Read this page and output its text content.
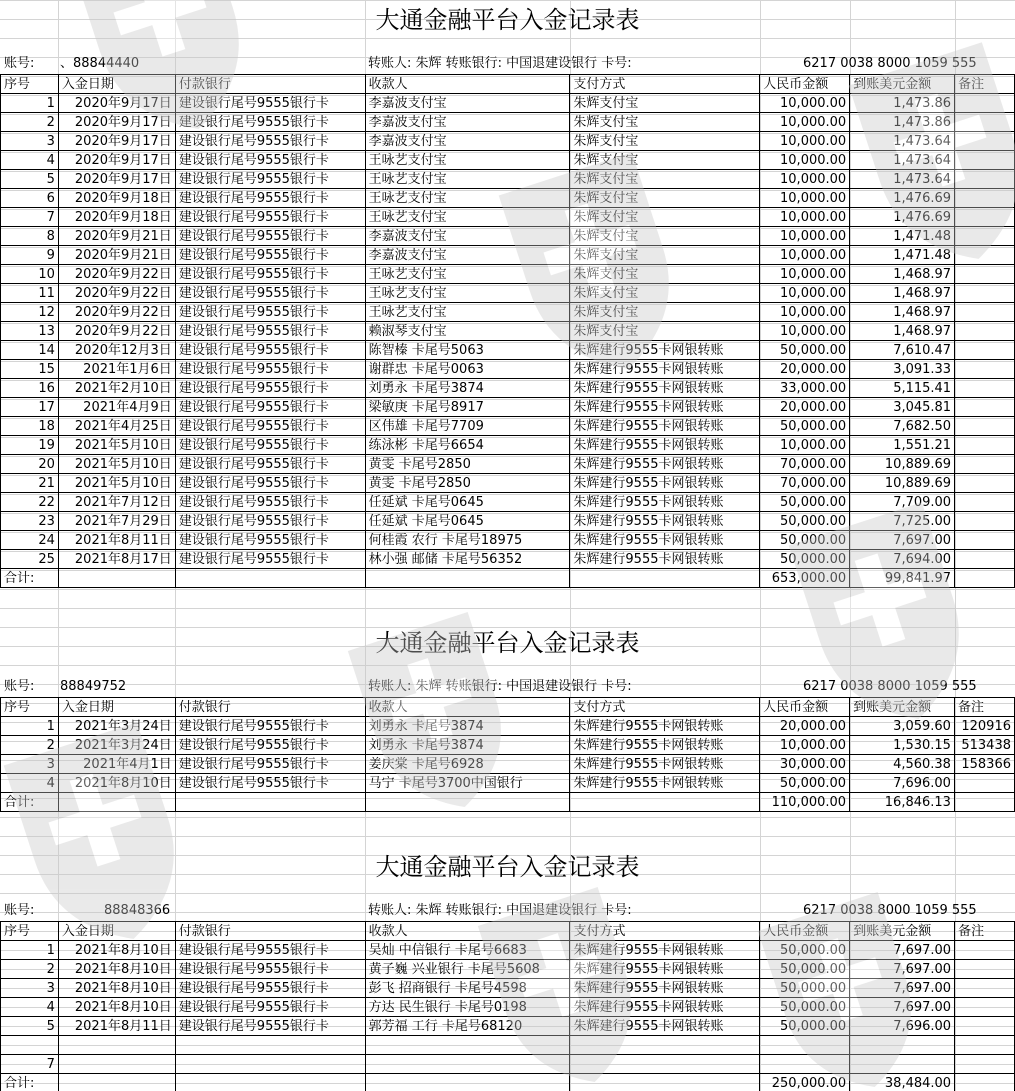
大通金融平台入金记录表
账号: 、88844440	转账人: 朱辉 转账银行: 中国退建设银行 卡号:	6217 0038 8000 1059 555
序号	入金日期	付款银行	收款人	支付方式	人民币金额	到账美元金额	备注
1	2020年9月17日	建设银行尾号9555银行卡	李嘉波支付宝	朱辉支付宝	10,000.00	1,473.86	
2	2020年9月17日	建设银行尾号9555银行卡	李嘉波支付宝	朱辉支付宝	10,000.00	1,473.86	
3	2020年9月17日	建设银行尾号9555银行卡	李嘉波支付宝	朱辉支付宝	10,000.00	1,473.64	
4	2020年9月17日	建设银行尾号9555银行卡	王咏艺支付宝	朱辉支付宝	10,000.00	1,473.64	
5	2020年9月17日	建设银行尾号9555银行卡	王咏艺支付宝	朱辉支付宝	10,000.00	1,473.64	
6	2020年9月18日	建设银行尾号9555银行卡	王咏艺支付宝	朱辉支付宝	10,000.00	1,476.69	
7	2020年9月18日	建设银行尾号9555银行卡	王咏艺支付宝	朱辉支付宝	10,000.00	1,476.69	
8	2020年9月21日	建设银行尾号9555银行卡	李嘉波支付宝	朱辉支付宝	10,000.00	1,471.48	
9	2020年9月21日	建设银行尾号9555银行卡	李嘉波支付宝	朱辉支付宝	10,000.00	1,471.48	
10	2020年9月22日	建设银行尾号9555银行卡	王咏艺支付宝	朱辉支付宝	10,000.00	1,468.97	
11	2020年9月22日	建设银行尾号9555银行卡	王咏艺支付宝	朱辉支付宝	10,000.00	1,468.97	
12	2020年9月22日	建设银行尾号9555银行卡	王咏艺支付宝	朱辉支付宝	10,000.00	1,468.97	
13	2020年9月22日	建设银行尾号9555银行卡	赖淑琴支付宝	朱辉支付宝	10,000.00	1,468.97	
14	2020年12月3日	建设银行尾号9555银行卡	陈智榛 卡尾号5063	朱辉建行9555卡网银转账	50,000.00	7,610.47	
15	2021年1月6日	建设银行尾号9555银行卡	谢群忠 卡尾号0063	朱辉建行9555卡网银转账	20,000.00	3,091.33	
16	2021年2月10日	建设银行尾号9555银行卡	刘勇永 卡尾号3874	朱辉建行9555卡网银转账	33,000.00	5,115.41	
17	2021年4月9日	建设银行尾号9555银行卡	梁敏庚 卡尾号8917	朱辉建行9555卡网银转账	20,000.00	3,045.81	
18	2021年4月25日	建设银行尾号9555银行卡	区伟雄 卡尾号7709	朱辉建行9555卡网银转账	50,000.00	7,682.50	
19	2021年5月10日	建设银行尾号9555银行卡	练泳彬 卡尾号6654	朱辉建行9555卡网银转账	10,000.00	1,551.21	
20	2021年5月10日	建设银行尾号9555银行卡	黄雯 卡尾号2850	朱辉建行9555卡网银转账	70,000.00	10,889.69	
21	2021年5月10日	建设银行尾号9555银行卡	黄雯 卡尾号2850	朱辉建行9555卡网银转账	70,000.00	10,889.69	
22	2021年7月12日	建设银行尾号9555银行卡	任延斌 卡尾号0645	朱辉建行9555卡网银转账	50,000.00	7,709.00	
23	2021年7月29日	建设银行尾号9555银行卡	任延斌 卡尾号0645	朱辉建行9555卡网银转账	50,000.00	7,725.00	
24	2021年8月11日	建设银行尾号9555银行卡	何桂霞 农行 卡尾号18975	朱辉建行9555卡网银转账	50,000.00	7,697.00	
25	2021年8月17日	建设银行尾号9555银行卡	林小强 邮储 卡尾号56352	朱辉建行9555卡网银转账	50,000.00	7,694.00	
合计:					653,000.00	99,841.97	
大通金融平台入金记录表
账号: 88849752	转账人: 朱辉 转账银行: 中国退建设银行 卡号:	6217 0038 8000 1059 555
序号	入金日期	付款银行	收款人	支付方式	人民币金额	到账美元金额	备注
1	2021年3月24日	建设银行尾号9555银行卡	刘勇永 卡尾号3874	朱辉建行9555卡网银转账	20,000.00	3,059.60	120916
2	2021年3月24日	建设银行尾号9555银行卡	刘勇永 卡尾号3874	朱辉建行9555卡网银转账	10,000.00	1,530.15	513438
3	2021年4月1日	建设银行尾号9555银行卡	姜庆棠 卡尾号6928	朱辉建行9555卡网银转账	30,000.00	4,560.38	158366
4	2021年8月10日	建设银行尾号9555银行卡	马宁 卡尾号3700中国银行	朱辉建行9555卡网银转账	50,000.00	7,696.00	
合计:					110,000.00	16,846.13	
大通金融平台入金记录表
账号:	88848366	转账人: 朱辉 转账银行: 中国退建设银行 卡号:	6217 0038 8000 1059 555
序号	入金日期	付款银行	收款人	支付方式	人民币金额	到账美元金额	备注
1	2021年8月10日	建设银行尾号9555银行卡	吴灿 中信银行 卡尾号6683	朱辉建行9555卡网银转账	50,000.00	7,697.00	
2	2021年8月10日	建设银行尾号9555银行卡	黄子巍 兴业银行 卡尾号5608	朱辉建行9555卡网银转账	50,000.00	7,697.00	
3	2021年8月10日	建设银行尾号9555银行卡	彭飞 招商银行 卡尾号4598	朱辉建行9555卡网银转账	50,000.00	7,697.00	
4	2021年8月10日	建设银行尾号9555银行卡	方达 民生银行 卡尾号0198	朱辉建行9555卡网银转账	50,000.00	7,697.00	
5	2021年8月11日	建设银行尾号9555银行卡	郭芳福 工行 卡尾号68120	朱辉建行9555卡网银转账	50,000.00	7,696.00	

7							
合计:					250,000.00	38,484.00	
